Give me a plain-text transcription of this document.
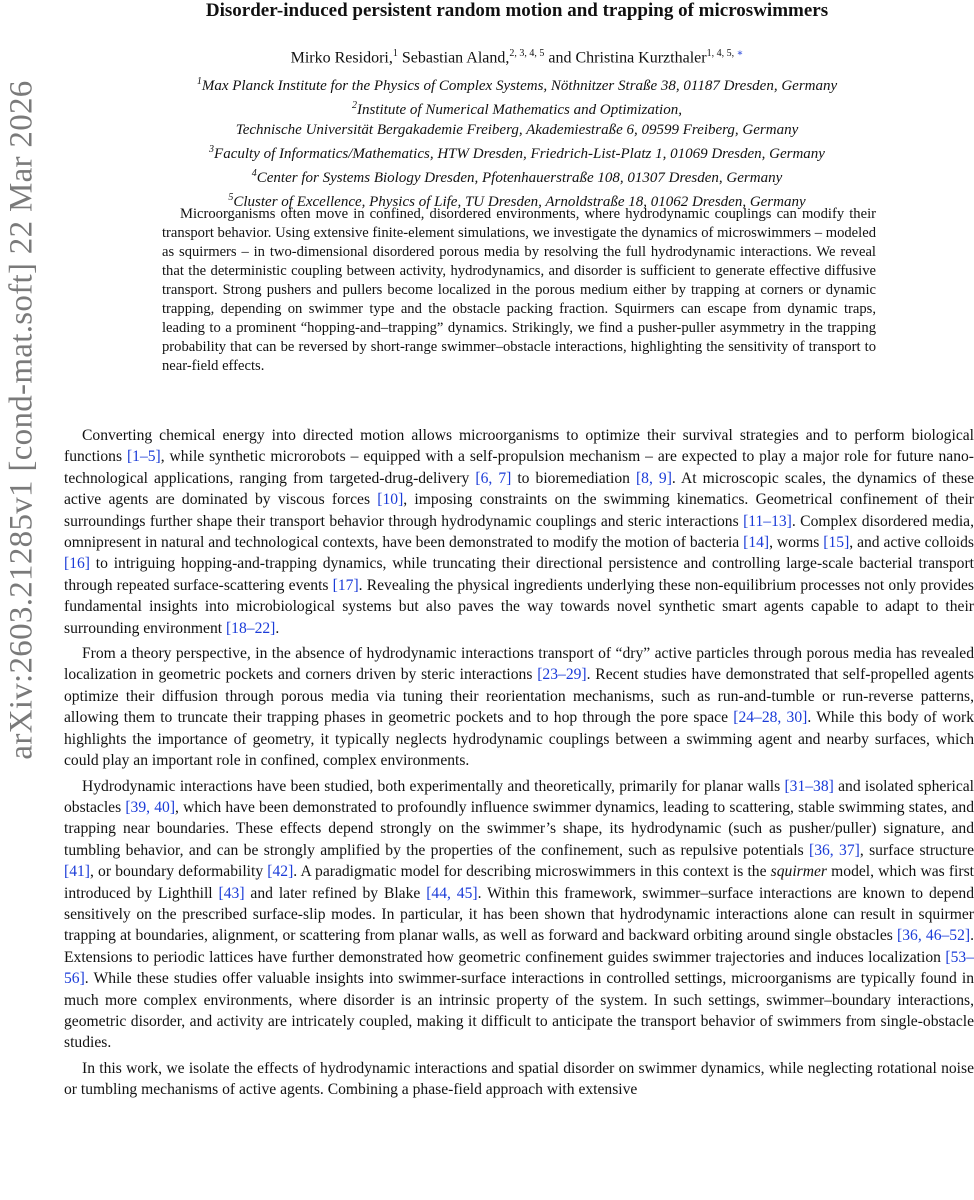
arXiv:2603.21285v1 [cond-mat.soft] 22 Mar 2026
Disorder-induced persistent random motion and trapping of microswimmers
Mirko Residori,$^1$ Sebastian Aland,$^{2, 3, 4, 5}$ and Christina Kurzthaler$^{1, 4, 5, ∗}$
$^1$Max Planck Institute for the Physics of Complex Systems, Nöthnitzer Straße 38, 01187 Dresden, Germany
$^2$Institute of Numerical Mathematics and Optimization,
Technische Universität Bergakademie Freiberg, Akademiestraße 6, 09599 Freiberg, Germany
$^3$Faculty of Informatics/Mathematics, HTW Dresden, Friedrich-List-Platz 1, 01069 Dresden, Germany
$^4$Center for Systems Biology Dresden, Pfotenhauerstraße 108, 01307 Dresden, Germany
$^5$Cluster of Excellence, Physics of Life, TU Dresden, Arnoldstraße 18, 01062 Dresden, Germany
Microorganisms often move in confined, disordered environments, where hydrodynamic couplings can modify their transport behavior. Using extensive finite-element simulations, we investigate the dynamics of microswimmers – modeled as squirmers – in two-dimensional disordered porous media by resolving the full hydrodynamic interactions. We reveal that the deterministic coupling between activity, hydrodynamics, and disorder is sufficient to generate effective diffusive transport. Strong pushers and pullers become localized in the porous medium either by trapping at corners or dynamic trapping, depending on swimmer type and the obstacle packing fraction. Squirmers can escape from dynamic traps, leading to a prominent “hopping-and–trapping” dynamics. Strikingly, we find a pusher-puller asymmetry in the trapping probability that can be reversed by short-range swimmer–obstacle interactions, highlighting the sensitivity of transport to near-field effects.

Converting chemical energy into directed motion allows microorganisms to optimize their survival strategies and to perform biological functions [1–5], while synthetic microrobots – equipped with a self-propulsion mechanism – are expected to play a major role for future nano-technological applications, ranging from targeted-drug-delivery [6, 7] to bioremediation [8, 9]. At microscopic scales, the dynamics of these active agents are dominated by viscous forces [10], imposing constraints on the swimming kinematics. Geometrical confinement of their surroundings further shape their transport behavior through hydrodynamic couplings and steric interactions [11–13]. Complex disordered media, omnipresent in natural and technological contexts, have been demonstrated to modify the motion of bacteria [14], worms [15], and active colloids [16] to intriguing hopping-and-trapping dynamics, while truncating their directional persistence and controlling large-scale bacterial transport through repeated surface-scattering events [17]. Revealing the physical ingredients underlying these non-equilibrium processes not only provides fundamental insights into microbiological systems but also paves the way towards novel synthetic smart agents capable to adapt to their surrounding environment [18–22].

From a theory perspective, in the absence of hydrodynamic interactions transport of “dry” active particles through porous media has revealed localization in geometric pockets and corners driven by steric interactions [23–29]. Recent studies have demonstrated that self-propelled agents optimize their diffusion through porous media via tuning their reorientation mechanisms, such as run-and-tumble or run-reverse patterns, allowing them to truncate their trapping phases in geometric pockets and to hop through the pore space [24–28, 30]. While this body of work highlights the importance of geometry, it typically neglects hydrodynamic couplings between a swimming agent and nearby surfaces, which could play an important role in confined, complex environments.

Hydrodynamic interactions have been studied, both experimentally and theoretically, primarily for planar walls [31–38] and isolated spherical obstacles [39, 40], which have been demonstrated to profoundly influence swimmer dynamics, leading to scattering, stable swimming states, and trapping near boundaries. These effects depend strongly on the swimmer’s shape, its hydrodynamic (such as pusher/puller) signature, and tumbling behavior, and can be strongly amplified by the properties of the confinement, such as repulsive potentials [36, 37], surface structure [41], or boundary deformability [42]. A paradigmatic model for describing microswimmers in this context is the squirmer model, which was first introduced by Lighthill [43] and later refined by Blake [44, 45]. Within this framework, swimmer–surface interactions are known to depend sensitively on the prescribed surface-slip modes. In particular, it has been shown that hydrodynamic interactions alone can result in squirmer trapping at boundaries, alignment, or scattering from planar walls, as well as forward and backward orbiting around single obstacles [36, 46–52]. Extensions to periodic lattices have further demonstrated how geometric confinement guides swimmer trajectories and induces localization [53–56]. While these studies offer valuable insights into swimmer-surface interactions in controlled settings, microorganisms are typically found in much more complex environments, where disorder is an intrinsic property of the system. In such settings, swimmer–boundary interactions, geometric disorder, and activity are intricately coupled, making it difficult to anticipate the transport behavior of swimmers from single-obstacle studies.

In this work, we isolate the effects of hydrodynamic interactions and spatial disorder on swimmer dynamics, while neglecting rotational noise or tumbling mechanisms of active agents. Combining a phase-field approach with extensive
